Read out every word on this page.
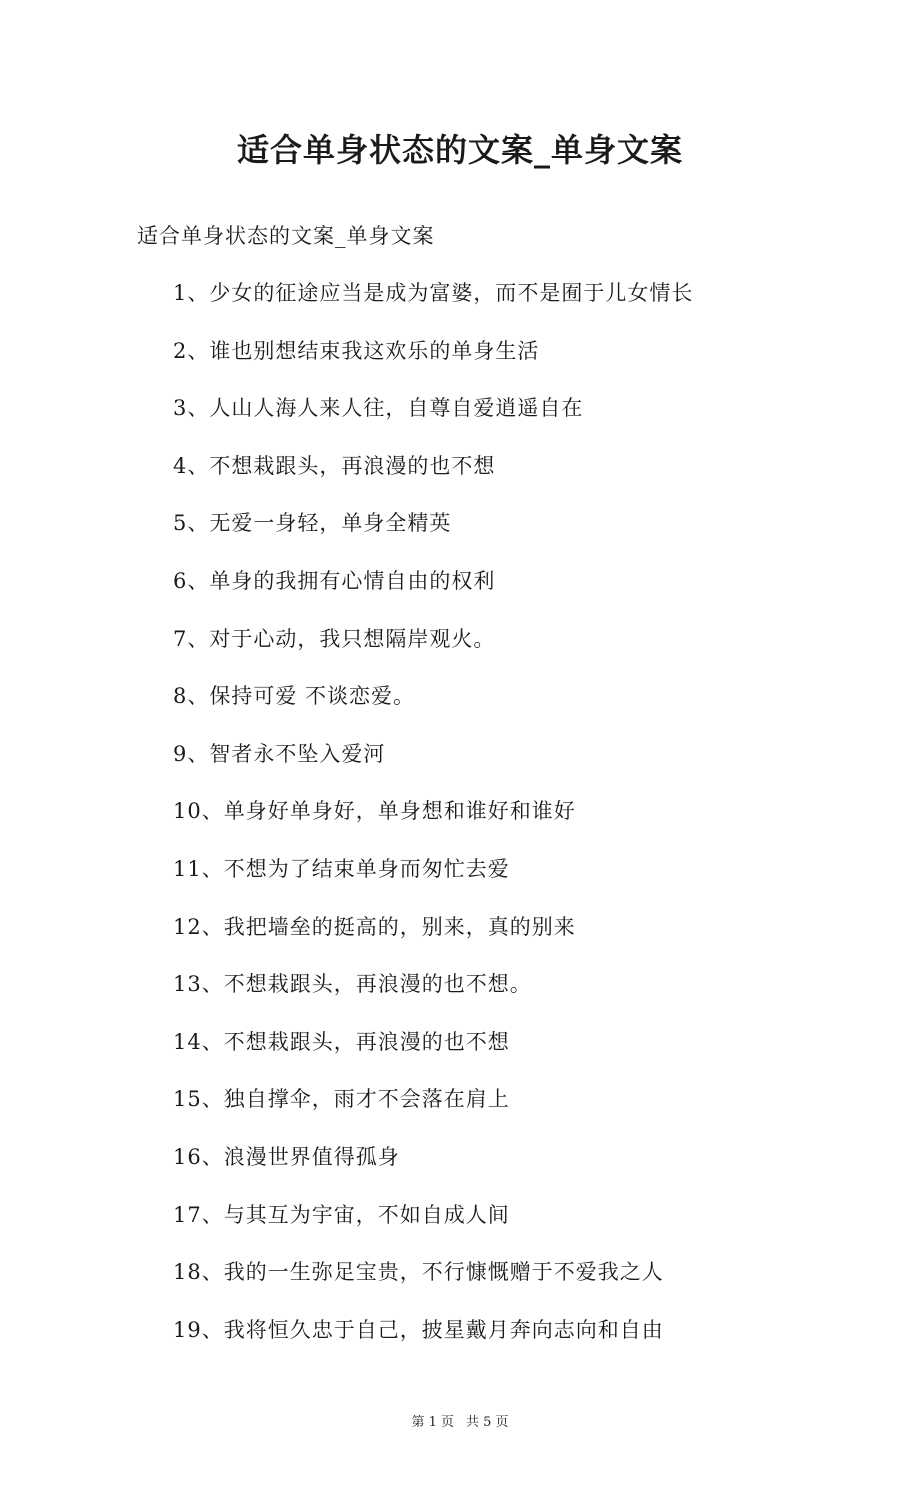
适合单身状态的文案_单身文案

适合单身状态的文案_单身文案

1、少女的征途应当是成为富婆，而不是囿于儿女情长
2、谁也别想结束我这欢乐的单身生活
3、人山人海人来人往，自尊自爱逍遥自在
4、不想栽跟头，再浪漫的也不想
5、无爱一身轻，单身全精英
6、单身的我拥有心情自由的权利
7、对于心动，我只想隔岸观火。
8、保持可爱 不谈恋爱。
9、智者永不坠入爱河
10、单身好单身好，单身想和谁好和谁好
11、不想为了结束单身而匆忙去爱
12、我把墙垒的挺高的，别来，真的别来
13、不想栽跟头，再浪漫的也不想。
14、不想栽跟头，再浪漫的也不想
15、独自撑伞，雨才不会落在肩上
16、浪漫世界值得孤身
17、与其互为宇宙，不如自成人间
18、我的一生弥足宝贵，不行慷慨赠于不爱我之人
19、我将恒久忠于自己，披星戴月奔向志向和自由
第 1 页 共 5 页
